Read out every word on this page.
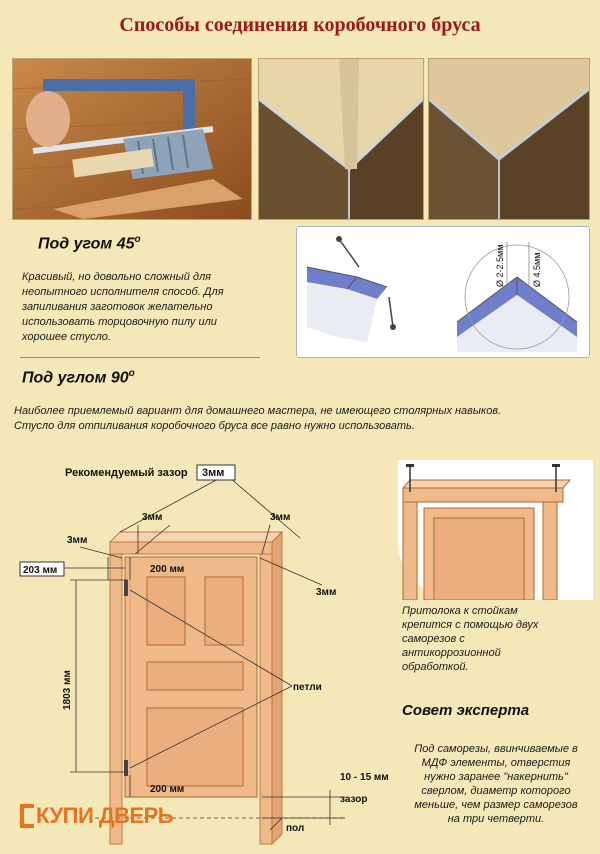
Способы соединения коробочного бруса
Под угом $45^о$
Красивый, но довольно сложный для
неопытного исполнителя способ. Для
запиливания заготовок желательно
использовать торцовочную пилу или
хорошее стусло.
Ø 2-2.5мм	Ø 4.5мм
Под углом $90^о$
Наиболее приемлемый вариант для домашнего мастера, не имеющего столярных навыков.
Стусло для отпиливания коробочного бруса все равно нужно использовать.
Рекомендуемый зазор 3мм
3мм	3мм
3мм
3мм
203 мм	200 мм
1803 мм	петли
200 мм
10 - 15 мм
зазор
пол
Притолока к стойкам
крепится с помощью двух
саморезов с
антикоррозионной
обработкой.
Совет эксперта
Под саморезы, ввинчиваемые в
МДФ элементы, отверстия
нужно заранее "накернить"
сверлом, диаметр которого
меньше, чем размер саморезов
на три четверти.
КУПИ ДВЕРЬ
